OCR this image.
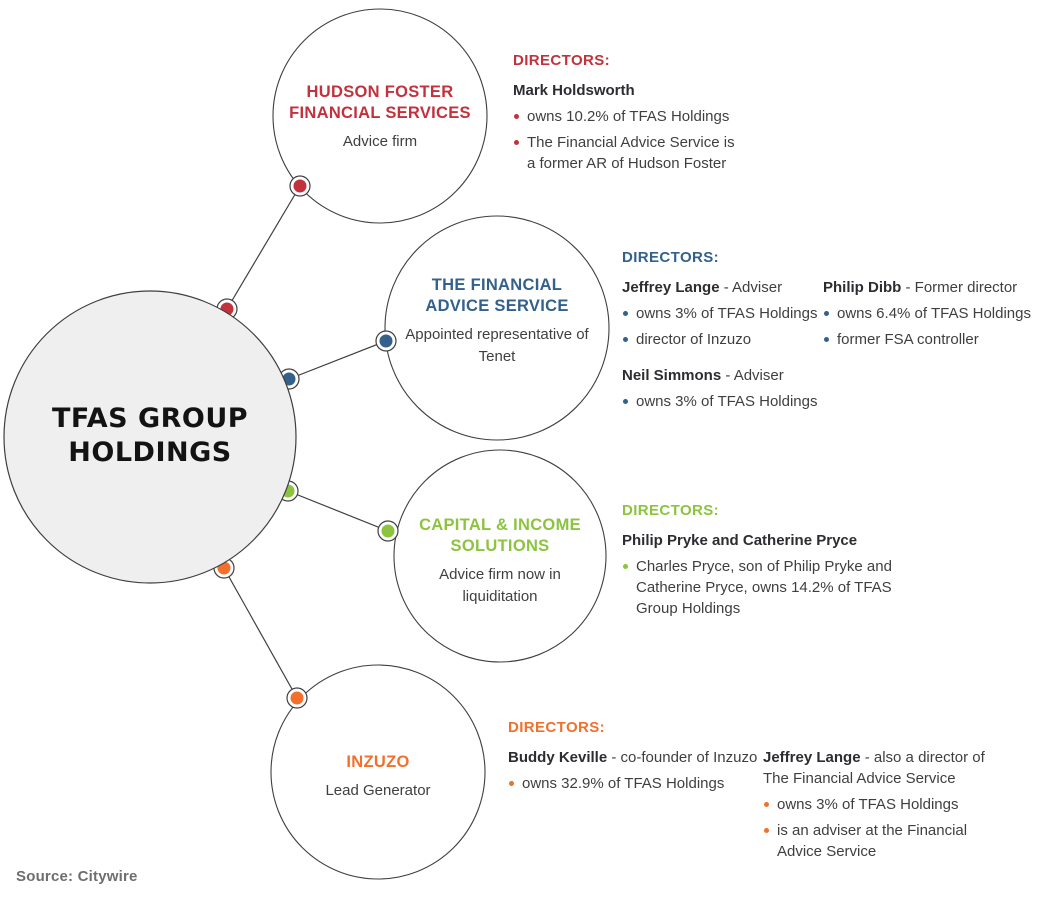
TFAS GROUP
HOLDINGS
HUDSON FOSTER FINANCIAL SERVICES
Advice firm
THE FINANCIAL ADVICE SERVICE
Appointed representative of Tenet
CAPITAL & INCOME SOLUTIONS
Advice firm now in liquiditation
INZUZO
Lead Generator
DIRECTORS:
Mark Holdsworth
owns 10.2% of TFAS Holdings
The Financial Advice Service is a former AR of Hudson Foster
DIRECTORS:
Jeffrey Lange - Adviser
owns 3% of TFAS Holdings
director of Inzuzo
Neil Simmons - Adviser
owns 3% of TFAS Holdings
Philip Dibb - Former director
owns 6.4% of TFAS Holdings
former FSA controller
DIRECTORS:
Philip Pryke and Catherine Pryce
Charles Pryce, son of Philip Pryke and Catherine Pryce, owns 14.2% of TFAS Group Holdings
DIRECTORS:
Buddy Keville - co-founder of Inzuzo
owns 32.9% of TFAS Holdings
Jeffrey Lange - also a director of The Financial Advice Service
owns 3% of TFAS Holdings
is an adviser at the Financial Advice Service
Source: Citywire
